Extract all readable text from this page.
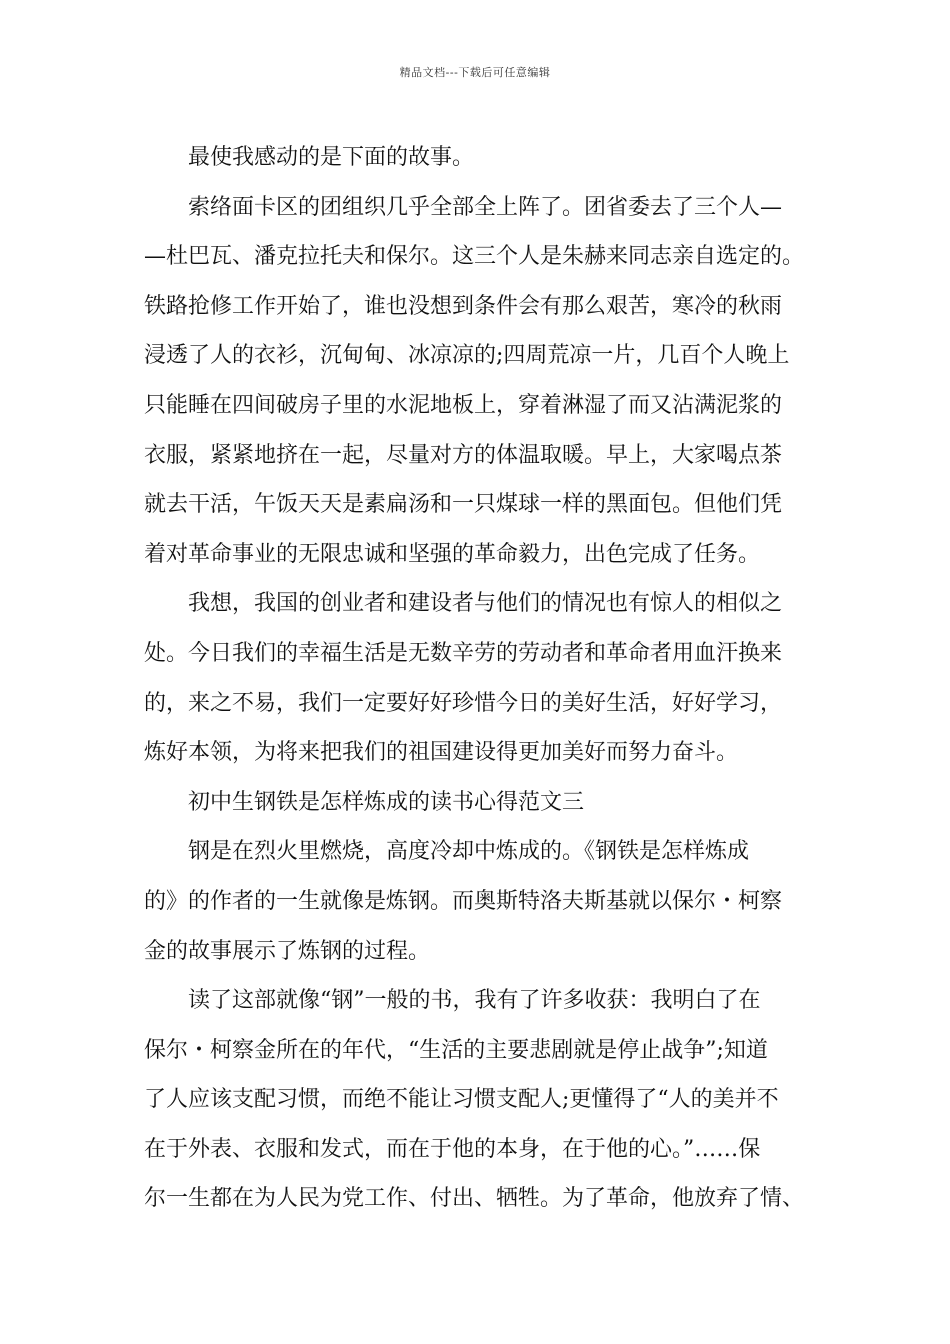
精品文档---下载后可任意编辑
最使我感动的是下面的故事。
索络面卡区的团组织几乎全部全上阵了。团省委去了三个人—
—杜巴瓦、潘克拉托夫和保尔。这三个人是朱赫来同志亲自选定的。
铁路抢修工作开始了，谁也没想到条件会有那么艰苦，寒冷的秋雨
浸透了人的衣衫，沉甸甸、冰凉凉的;四周荒凉一片，几百个人晚上
只能睡在四间破房子里的水泥地板上，穿着淋湿了而又沾满泥浆的
衣服，紧紧地挤在一起，尽量对方的体温取暖。早上，大家喝点茶
就去干活，午饭天天是素扁汤和一只煤球一样的黑面包。但他们凭
着对革命事业的无限忠诚和坚强的革命毅力，出色完成了任务。
我想，我国的创业者和建设者与他们的情况也有惊人的相似之
处。今日我们的幸福生活是无数辛劳的劳动者和革命者用血汗换来
的，来之不易，我们一定要好好珍惜今日的美好生活，好好学习，
炼好本领，为将来把我们的祖国建设得更加美好而努力奋斗。
初中生钢铁是怎样炼成的读书心得范文三
钢是在烈火里燃烧，高度冷却中炼成的。《钢铁是怎样炼成
的》的作者的一生就像是炼钢。而奥斯特洛夫斯基就以保尔・柯察
金的故事展示了炼钢的过程。
读了这部就像“钢”一般的书，我有了许多收获：我明白了在
保尔・柯察金所在的年代，“生活的主要悲剧就是停止战争”;知道
了人应该支配习惯，而绝不能让习惯支配人;更懂得了“人的美并不
在于外表、衣服和发式，而在于他的本身，在于他的心。”……保
尔一生都在为人民为党工作、付出、牺牲。为了革命，他放弃了情、
